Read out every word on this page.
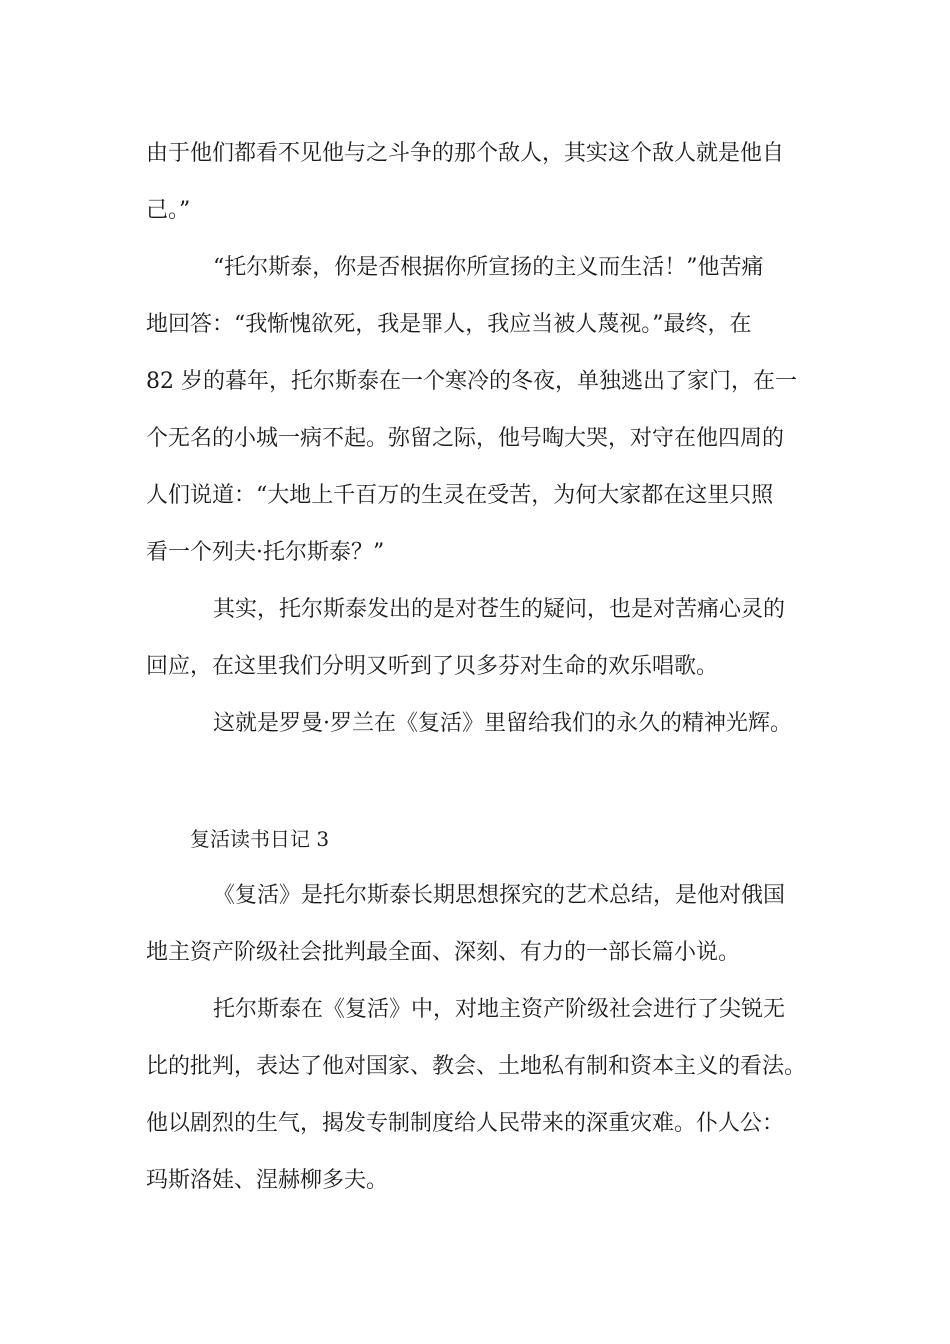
由于他们都看不见他与之斗争的那个敌人，其实这个敌人就是他自

己。”

“托尔斯泰，你是否根据你所宣扬的主义而生活！”他苦痛

地回答：“我惭愧欲死，我是罪人，我应当被人蔑视。”最终，在

82 岁的暮年，托尔斯泰在一个寒冷的冬夜，单独逃出了家门，在一

个无名的小城一病不起。弥留之际，他号啕大哭，对守在他四周的

人们说道：“大地上千百万的生灵在受苦，为何大家都在这里只照

看一个列夫·托尔斯泰？”

其实，托尔斯泰发出的是对苍生的疑问，也是对苦痛心灵的

回应，在这里我们分明又听到了贝多芬对生命的欢乐唱歌。

这就是罗曼·罗兰在《复活》里留给我们的永久的精神光辉。

复活读书日记 3

《复活》是托尔斯泰长期思想探究的艺术总结，是他对俄国

地主资产阶级社会批判最全面、深刻、有力的一部长篇小说。

托尔斯泰在《复活》中，对地主资产阶级社会进行了尖锐无

比的批判，表达了他对国家、教会、土地私有制和资本主义的看法。

他以剧烈的生气，揭发专制制度给人民带来的深重灾难。仆人公：

玛斯洛娃、涅赫柳多夫。
